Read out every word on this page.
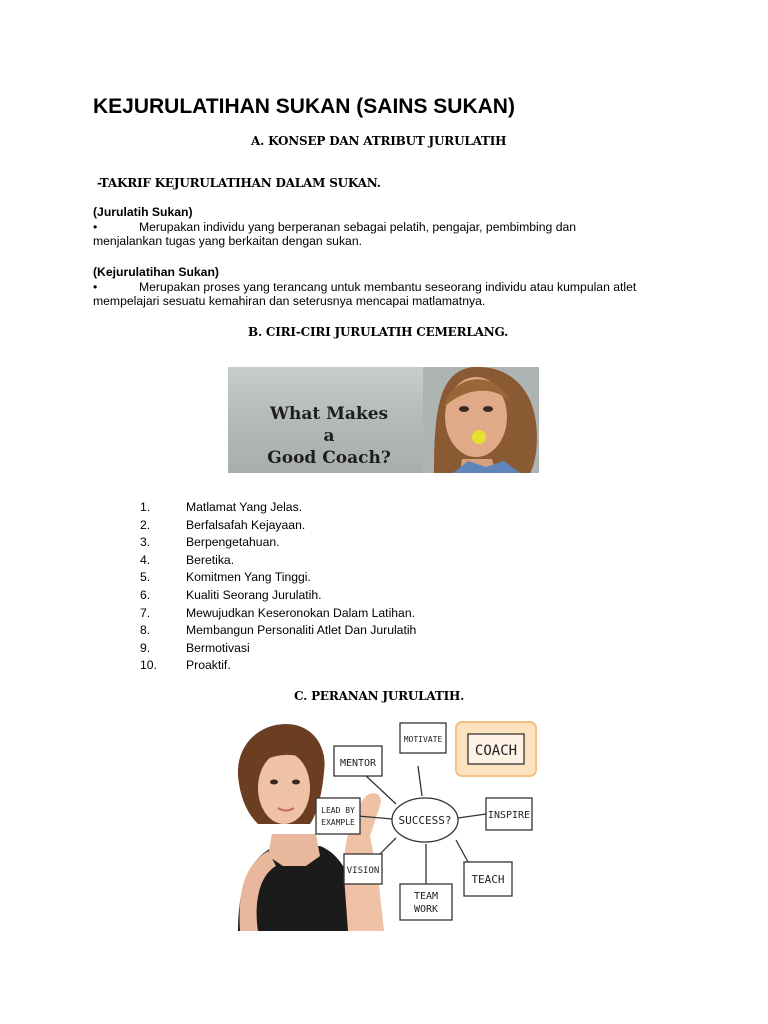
KEJURULATIHAN SUKAN (SAINS SUKAN)
A. KONSEP DAN ATRIBUT JURULATIH
-TAKRIF KEJURULATIHAN DALAM SUKAN.
(Jurulatih Sukan)
•	Merupakan individu yang berperanan sebagai pelatih, pengajar, pembimbing dan
menjalankan tugas yang berkaitan dengan sukan.
(Kejurulatihan Sukan)
•	Merupakan proses yang terancang untuk membantu seseorang individu atau kumpulan atlet
mempelajari sesuatu kemahiran dan seterusnya mencapai matlamatnya.
B. CIRI-CIRI JURULATIH CEMERLANG.
What Makes a
Good Coach?
1.	Matlamat Yang Jelas.
2.	Berfalsafah Kejayaan.
3.	Berpengetahuan.
4.	Beretika.
5.	Komitmen Yang Tinggi.
6.	Kualiti Seorang Jurulatih.
7.	Mewujudkan Keseronokan Dalam Latihan.
8.	Membangun Personaliti Atlet Dan Jurulatih
9.	Bermotivasi
10.	Proaktif.
C. PERANAN JURULATIH.
SUCCESS?
MENTOR
MOTIVATE
COACH
LEAD BY
EXAMPLE
INSPIRE
VISION
TEAM
WORK
TEACH
